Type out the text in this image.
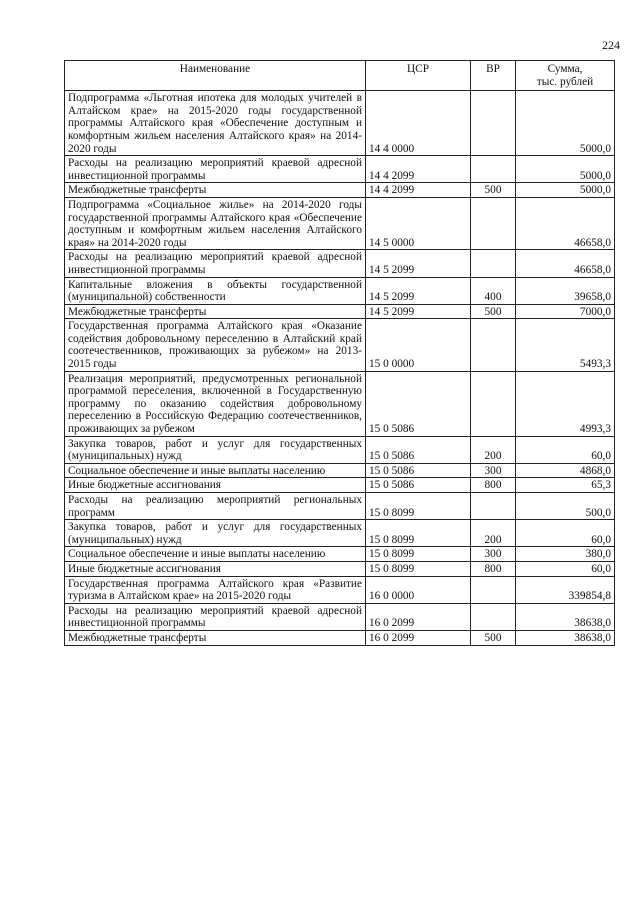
224
Наименование	ЦСР	ВР	Сумма,
тыс. рублей
Подпрограмма «Льготная ипотека для молодых учителей в Алтайском крае» на 2015-2020 годы государственной программы Алтайского края «Обеспечение доступным и комфортным жильем населения Алтайского края» на 2014-2020 годы	14 4 0000		5000,0
Расходы на реализацию мероприятий краевой адресной инвестиционной программы	14 4 2099		5000,0
Межбюджетные трансферты	14 4 2099	500	5000,0
Подпрограмма «Социальное жилье» на 2014-2020 годы государственной программы Алтайского края «Обеспечение доступным и комфортным жильем населения Алтайского края» на 2014-2020 годы	14 5 0000		46658,0
Расходы на реализацию мероприятий краевой адресной инвестиционной программы	14 5 2099		46658,0
Капитальные вложения в объекты государственной (муниципальной) собственности	14 5 2099	400	39658,0
Межбюджетные трансферты	14 5 2099	500	7000,0
Государственная программа Алтайского края «Оказание содействия добровольному переселению в Алтайский край соотечественников, проживающих за рубежом» на 2013-2015 годы	15 0 0000		5493,3
Реализация мероприятий, предусмотренных региональной программой переселения, включенной в Государственную программу по оказанию содействия добровольному переселению в Российскую Федерацию соотечественников, проживающих за рубежом	15 0 5086		4993,3
Закупка товаров, работ и услуг для государственных (муниципальных) нужд	15 0 5086	200	60,0
Социальное обеспечение и иные выплаты населению	15 0 5086	300	4868,0
Иные бюджетные ассигнования	15 0 5086	800	65,3
Расходы на реализацию мероприятий региональных программ	15 0 8099		500,0
Закупка товаров, работ и услуг для государственных (муниципальных) нужд	15 0 8099	200	60,0
Социальное обеспечение и иные выплаты населению	15 0 8099	300	380,0
Иные бюджетные ассигнования	15 0 8099	800	60,0
Государственная программа Алтайского края «Развитие туризма в Алтайском крае» на 2015-2020 годы	16 0 0000		339854,8
Расходы на реализацию мероприятий краевой адресной инвестиционной программы	16 0 2099		38638,0
Межбюджетные трансферты	16 0 2099	500	38638,0
